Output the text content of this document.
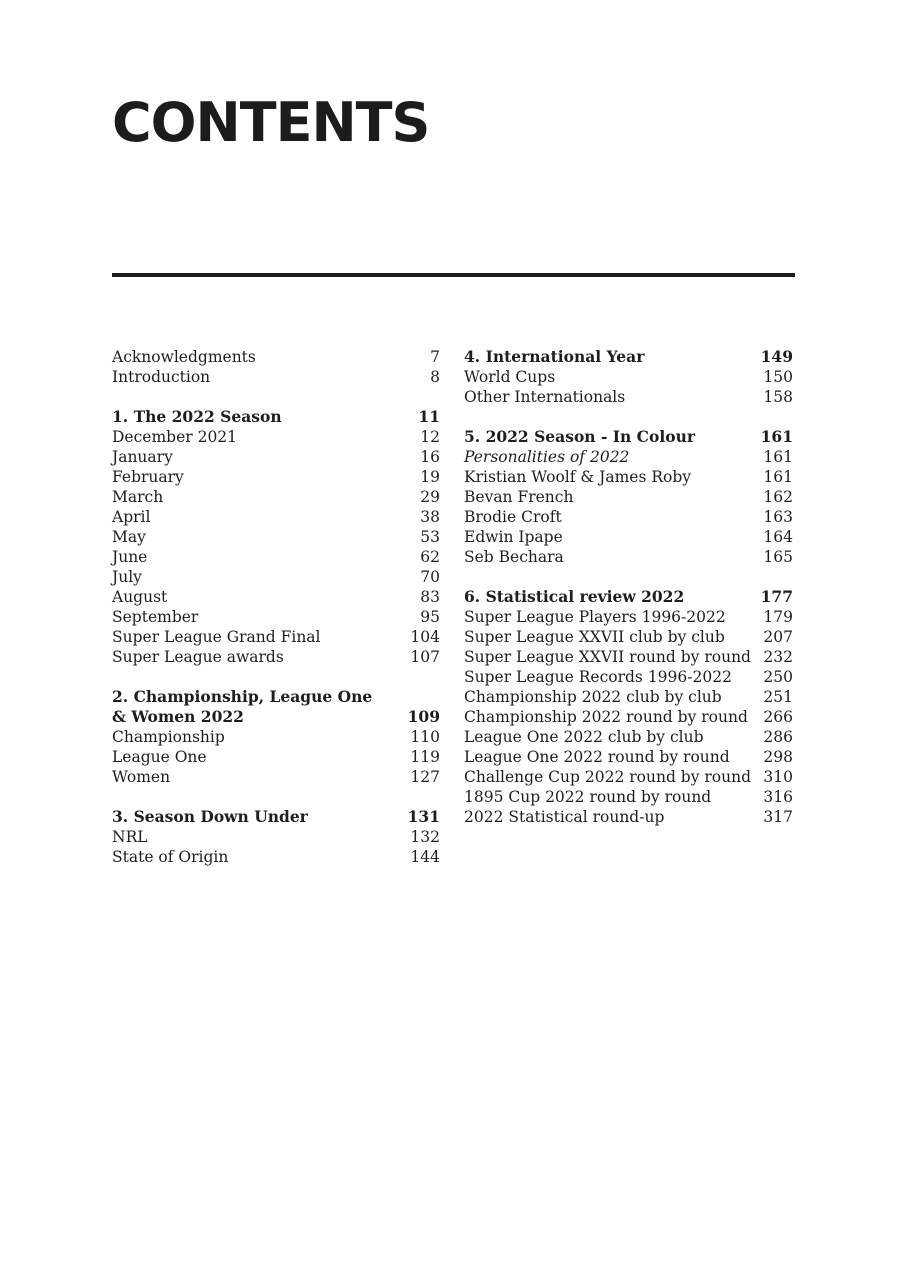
CONTENTS
Acknowledgments	7
Introduction	8
1. The 2022 Season	11
December 2021	12
January	16
February	19
March	29
April	38
May	53
June	62
July	70
August	83
September	95
Super League Grand Final	104
Super League awards	107
2. Championship, League One
& Women 2022	109
Championship	110
League One	119
Women	127
3. Season Down Under	131
NRL	132
State of Origin	144
4. International Year	149
World Cups	150
Other Internationals	158
5. 2022 Season - In Colour	161
Personalities of 2022	161
Kristian Woolf & James Roby	161
Bevan French	162
Brodie Croft	163
Edwin Ipape	164
Seb Bechara	165
6. Statistical review 2022	177
Super League Players 1996-2022	179
Super League XXVII club by club	207
Super League XXVII round by round 232
Super League Records 1996-2022	250
Championship 2022 club by club	251
Championship 2022 round by round	266
League One 2022 club by club	286
League One 2022 round by round	298
Challenge Cup 2022 round by round 310
1895 Cup 2022 round by round	316
2022 Statistical round-up	317
